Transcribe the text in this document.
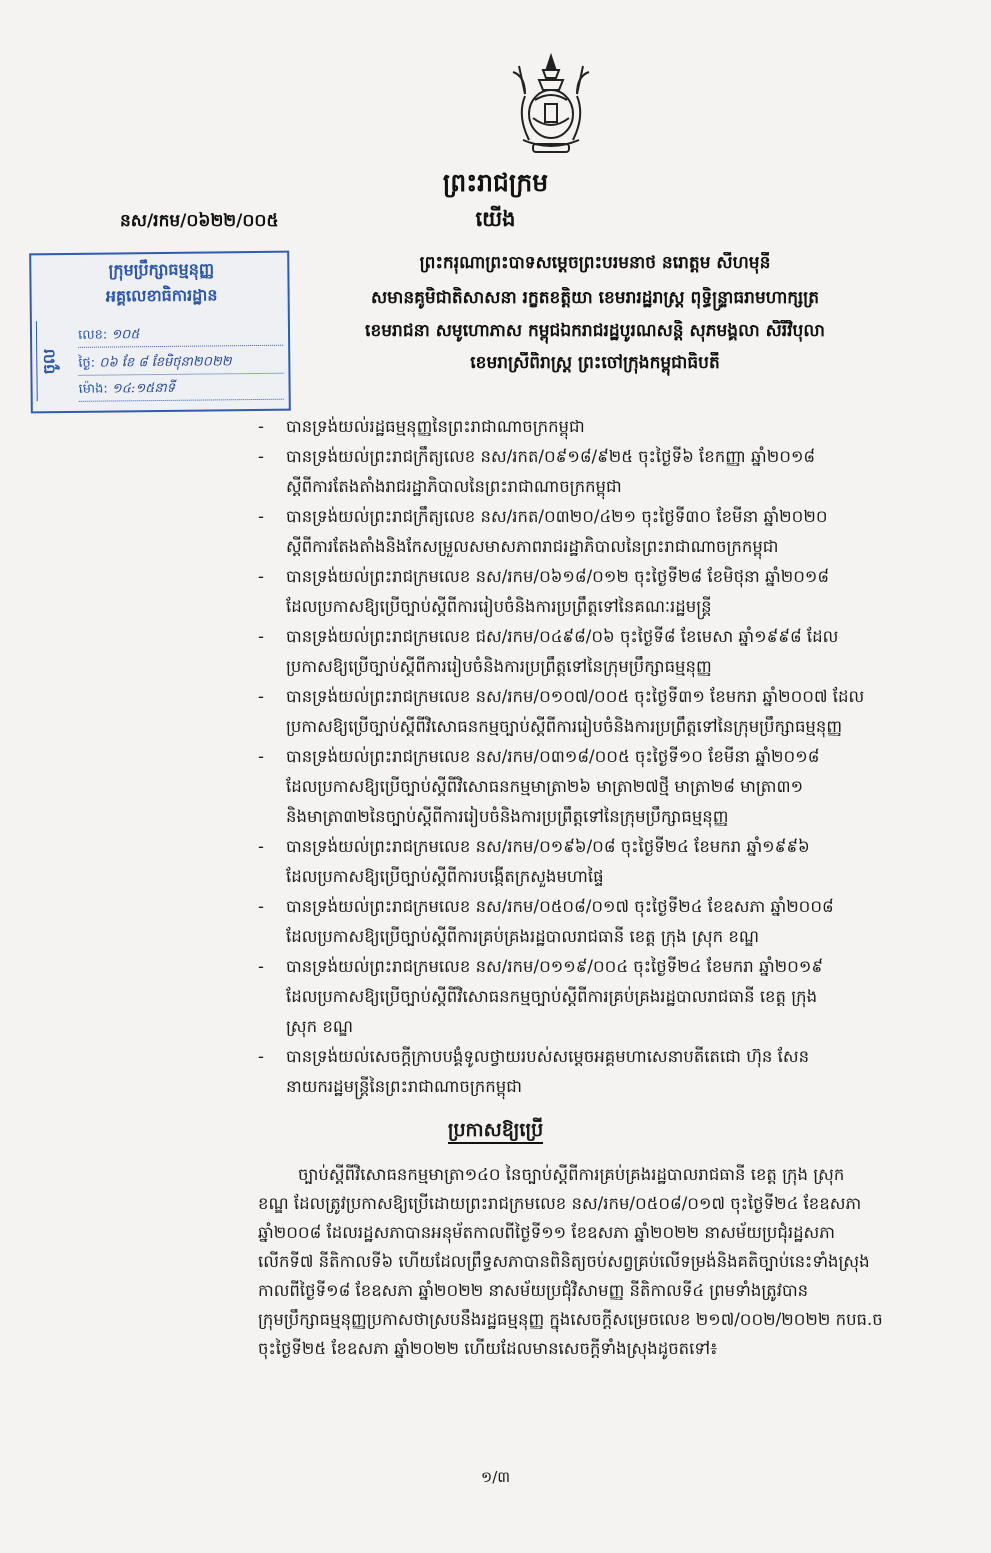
ព្រះរាជក្រម
យើង
នស/រកម/០៦២២/០០៥
ព្រះករុណាព្រះបាទសម្តេចព្រះបរមនាថ នរោត្តម សីហមុនី
សមានគូមិជាតិសាសនា រក្ខតខត្តិយា ខេមរារដ្ឋរាស្ត្រ ពុទ្ធិន្ទ្រាធរាមហាក្សត្រ
ខេមរាជនា សមូហោភាស កម្ពុជឯករាជរដ្ឋបូរណសន្តិ សុភមង្គលា សិរីវិបុលា
ខេមរាស្រីពិរាស្ត្រ ព្រះចៅក្រុងកម្ពុជាធិបតី
ក្រុមប្រឹក្សាធម្មនុញ្ញ
អគ្គលេខាធិការដ្ឋាន
ចូល
លេខ: ១០៥
ថ្ងៃ: ០៦ ខែ ៨ ខែមិថុនា២០២២
ម៉ោង: ១៤:១៥នាទី
- បានទ្រង់យល់រដ្ឋធម្មនុញ្ញនៃព្រះរាជាណាចក្រកម្ពុជា
- បានទ្រង់យល់ព្រះរាជក្រឹត្យលេខ នស/រកត/០៩១៨/៩២៥ ចុះថ្ងៃទី៦ ខែកញ្ញា ឆ្នាំ២០១៨
ស្តីពីការតែងតាំងរាជរដ្ឋាភិបាលនៃព្រះរាជាណាចក្រកម្ពុជា
- បានទ្រង់យល់ព្រះរាជក្រឹត្យលេខ នស/រកត/០៣២០/៤២១ ចុះថ្ងៃទី៣០ ខែមីនា ឆ្នាំ២០២០
ស្តីពីការតែងតាំងនិងកែសម្រួលសមាសភាពរាជរដ្ឋាភិបាលនៃព្រះរាជាណាចក្រកម្ពុជា
- បានទ្រង់យល់ព្រះរាជក្រមលេខ នស/រកម/០៦១៨/០១២ ចុះថ្ងៃទី២៨ ខែមិថុនា ឆ្នាំ២០១៨
ដែលប្រកាសឱ្យប្រើច្បាប់ស្តីពីការរៀបចំនិងការប្រព្រឹត្តទៅនៃគណៈរដ្ឋមន្ត្រី
- បានទ្រង់យល់ព្រះរាជក្រមលេខ ជស/រកម/០៤៩៨/០៦ ចុះថ្ងៃទី៨ ខែមេសា ឆ្នាំ១៩៩៨ ដែល
ប្រកាសឱ្យប្រើច្បាប់ស្តីពីការរៀបចំនិងការប្រព្រឹត្តទៅនៃក្រុមប្រឹក្សាធម្មនុញ្ញ
- បានទ្រង់យល់ព្រះរាជក្រមលេខ នស/រកម/០១០៧/០០៥ ចុះថ្ងៃទី៣១ ខែមករា ឆ្នាំ២០០៧ ដែល
ប្រកាសឱ្យប្រើច្បាប់ស្តីពីវិសោធនកម្មច្បាប់ស្តីពីការរៀបចំនិងការប្រព្រឹត្តទៅនៃក្រុមប្រឹក្សាធម្មនុញ្ញ
- បានទ្រង់យល់ព្រះរាជក្រមលេខ នស/រកម/០៣១៨/០០៥ ចុះថ្ងៃទី១០ ខែមីនា ឆ្នាំ២០១៨
ដែលប្រកាសឱ្យប្រើច្បាប់ស្តីពីវិសោធនកម្មមាត្រា២៦ មាត្រា២៧ថ្មី មាត្រា២៨ មាត្រា៣១
និងមាត្រា៣២នៃច្បាប់ស្តីពីការរៀបចំនិងការប្រព្រឹត្តទៅនៃក្រុមប្រឹក្សាធម្មនុញ្ញ
- បានទ្រង់យល់ព្រះរាជក្រមលេខ នស/រកម/០១៩៦/០៨ ចុះថ្ងៃទី២៤ ខែមករា ឆ្នាំ១៩៩៦
ដែលប្រកាសឱ្យប្រើច្បាប់ស្តីពីការបង្កើតក្រសួងមហាផ្ទៃ
- បានទ្រង់យល់ព្រះរាជក្រមលេខ នស/រកម/០៥០៨/០១៧ ចុះថ្ងៃទី២៤ ខែឧសភា ឆ្នាំ២០០៨
ដែលប្រកាសឱ្យប្រើច្បាប់ស្តីពីការគ្រប់គ្រងរដ្ឋបាលរាជធានី ខេត្ត ក្រុង ស្រុក ខណ្ឌ
- បានទ្រង់យល់ព្រះរាជក្រមលេខ នស/រកម/០១១៩/០០៤ ចុះថ្ងៃទី២៤ ខែមករា ឆ្នាំ២០១៩
ដែលប្រកាសឱ្យប្រើច្បាប់ស្តីពីវិសោធនកម្មច្បាប់ស្តីពីការគ្រប់គ្រងរដ្ឋបាលរាជធានី ខេត្ត ក្រុង
ស្រុក ខណ្ឌ
- បានទ្រង់យល់សេចក្តីក្រាបបង្គំទូលថ្វាយរបស់សម្តេចអគ្គមហាសេនាបតីតេជោ ហ៊ុន សែន
នាយករដ្ឋមន្ត្រីនៃព្រះរាជាណាចក្រកម្ពុជា
ប្រកាសឱ្យប្រើ
ច្បាប់ស្តីពីវិសោធនកម្មមាត្រា១៤០ នៃច្បាប់ស្តីពីការគ្រប់គ្រងរដ្ឋបាលរាជធានី ខេត្ត ក្រុង ស្រុក
ខណ្ឌ ដែលត្រូវប្រកាសឱ្យប្រើដោយព្រះរាជក្រមលេខ នស/រកម/០៥០៨/០១៧ ចុះថ្ងៃទី២៤ ខែឧសភា
ឆ្នាំ២០០៨ ដែលរដ្ឋសភាបានអនុម័តកាលពីថ្ងៃទី១១ ខែឧសភា ឆ្នាំ២០២២ នាសម័យប្រជុំរដ្ឋសភា
លើកទី៧ នីតិកាលទី៦ ហើយដែលព្រឹទ្ធសភាបានពិនិត្យចប់សព្វគ្រប់លើទម្រង់និងគតិច្បាប់នេះទាំងស្រុង
កាលពីថ្ងៃទី១៨ ខែឧសភា ឆ្នាំ២០២២ នាសម័យប្រជុំវិសាមញ្ញ នីតិកាលទី៤ ព្រមទាំងត្រូវបាន
ក្រុមប្រឹក្សាធម្មនុញ្ញប្រកាសថាស្របនឹងរដ្ឋធម្មនុញ្ញ ក្នុងសេចក្តីសម្រេចលេខ ២១៧/០០២/២០២២ កបធ.ច
ចុះថ្ងៃទី២៥ ខែឧសភា ឆ្នាំ២០២២ ហើយដែលមានសេចក្តីទាំងស្រុងដូចតទៅ៖
១/៣
